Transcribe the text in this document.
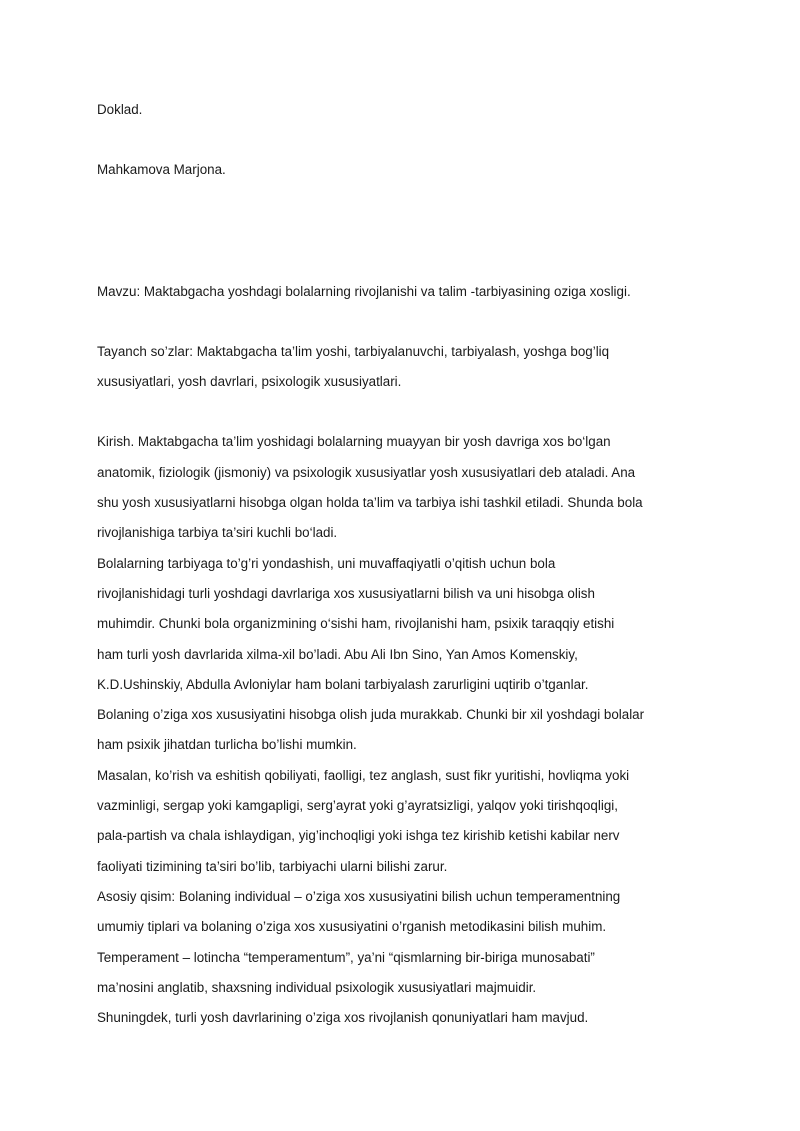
Doklad.
Mahkamova Marjona.
Mavzu: Maktabgacha yoshdagi bolalarning rivojlanishi va talim -tarbiyasining oziga xosligi.
Tayanch so’zlar: Maktabgacha ta’lim yoshi, tarbiyalanuvchi, tarbiyalash, yoshga bog’liq
xususiyatlari, yosh davrlari, psixologik xususiyatlari.
Kirish. Maktabgacha ta’lim yoshidagi bolalarning muayyan bir yosh davriga xos bo‘lgan
anatomik, fiziologik (jismoniy) va psixologik xususiyatlar yosh xususiyatlari deb ataladi. Ana
shu yosh xususiyatlarni hisobga olgan holda ta’lim va tarbiya ishi tashkil etiladi. Shunda bola
rivojlanishiga tarbiya ta’siri kuchli bo‘ladi.
Bolalarning tarbiyaga to’g’ri yondashish, uni muvaffaqiyatli o’qitish uchun bola
rivojlanishidagi turli yoshdagi davrlariga xos xususiyatlarni bilish va uni hisobga olish
muhimdir. Chunki bola organizmining o‘sishi ham, rivojlanishi ham, psixik taraqqiy etishi
ham turli yosh davrlarida xilma-xil bo’ladi. Abu Ali Ibn Sino, Yan Amos Komenskiy,
K.D.Ushinskiy, Abdulla Avloniylar ham bolani tarbiyalash zarurligini uqtirib o’tganlar.
Bolaning o’ziga xos xususiyatini hisobga olish juda murakkab. Chunki bir xil yoshdagi bolalar
ham psixik jihatdan turlicha bo’lishi mumkin.
Masalan, ko’rish va eshitish qobiliyati, faolligi, tez anglash, sust fikr yuritishi, hovliqma yoki
vazminligi, sergap yoki kamgapligi, serg’ayrat yoki g’ayratsizligi, yalqov yoki tirishqoqligi,
pala-partish va chala ishlaydigan, yig’inchoqligi yoki ishga tez kirishib ketishi kabilar nerv
faoliyati tizimining ta’siri bo’lib, tarbiyachi ularni bilishi zarur.
Asosiy qisim: Bolaning individual – o’ziga xos xususiyatini bilish uchun temperamentning
umumiy tiplari va bolaning o’ziga xos xususiyatini o’rganish metodikasini bilish muhim.
Temperament – lotincha “temperamentum”, ya’ni “qismlarning bir-biriga munosabati”
ma’nosini anglatib, shaxsning individual psixologik xususiyatlari majmuidir.
Shuningdek, turli yosh davrlarining o’ziga xos rivojlanish qonuniyatlari ham mavjud.
